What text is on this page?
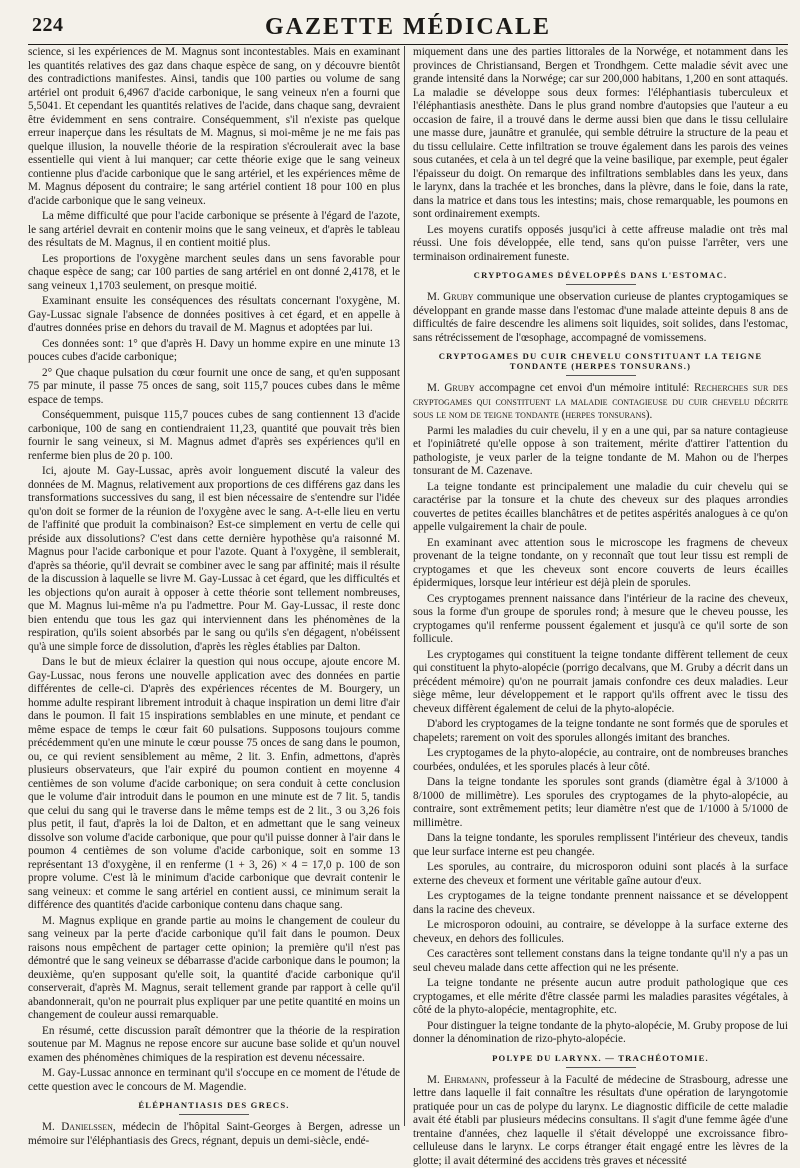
224	GAZETTE MÉDICALE

science, si les expériences de M. Magnus sont incontestables. Mais en examinant les quantités relatives des gaz dans chaque espèce de sang, on y découvre bientôt des contradictions manifestes. Ainsi, tandis que 100 parties ou volume de sang artériel ont produit 6,4967 d'acide carbonique, le sang veineux n'en a fourni que 5,5041. Et cependant les quantités relatives de l'acide, dans chaque sang, devraient être évidemment en sens contraire. Conséquemment, s'il n'existe pas quelque erreur inaperçue dans les résultats de M. Magnus, si moi-même je ne me fais pas quelque illusion, la nouvelle théorie de la respiration s'écroulerait avec la base essentielle qui vient à lui manquer; car cette théorie exige que le sang veineux contienne plus d'acide carbonique que le sang artériel, et les expériences même de M. Magnus déposent du contraire; le sang artériel contient 18 pour 100 en plus d'acide carbonique que le sang veineux.

La même difficulté que pour l'acide carbonique se présente à l'égard de l'azote, le sang artériel devrait en contenir moins que le sang veineux, et d'après le tableau des résultats de M. Magnus, il en contient moitié plus.

Les proportions de l'oxygène marchent seules dans un sens favorable pour chaque espèce de sang; car 100 parties de sang artériel en ont donné 2,4178, et le sang veineux 1,1703 seulement, on presque moitié.

Examinant ensuite les conséquences des résultats concernant l'oxygène, M. Gay-Lussac signale l'absence de données positives à cet égard, et en appelle à d'autres données prise en dehors du travail de M. Magnus et adoptées par lui.

Ces données sont: 1° que d'après H. Davy un homme expire en une minute 13 pouces cubes d'acide carbonique;

2° Que chaque pulsation du cœur fournit une once de sang, et qu'en supposant 75 par minute, il passe 75 onces de sang, soit 115,7 pouces cubes dans le même espace de temps.

Conséquemment, puisque 115,7 pouces cubes de sang contiennent 13 d'acide carbonique, 100 de sang en contiendraient 11,23, quantité que pouvait très bien fournir le sang veineux, si M. Magnus admet d'après ses expériences qu'il en renferme bien plus de 20 p. 100.

Ici, ajoute M. Gay-Lussac, après avoir longuement discuté la valeur des données de M. Magnus, relativement aux proportions de ces différens gaz dans les transformations successives du sang, il est bien nécessaire de s'entendre sur l'idée qu'on doit se former de la réunion de l'oxygène avec le sang. A-t-elle lieu en vertu de l'affinité que produit la combinaison? Est-ce simplement en vertu de celle qui préside aux dissolutions? C'est dans cette dernière hypothèse qu'a raisonné M. Magnus pour l'acide carbonique et pour l'azote. Quant à l'oxygène, il semblerait, d'après sa théorie, qu'il devrait se combiner avec le sang par affinité; mais il résulte de la discussion à laquelle se livre M. Gay-Lussac à cet égard, que les difficultés et les objections qu'on aurait à opposer à cette théorie sont tellement nombreuses, que M. Magnus lui-même n'a pu l'admettre. Pour M. Gay-Lussac, il reste donc bien entendu que tous les gaz qui interviennent dans les phénomènes de la respiration, qu'ils soient absorbés par le sang ou qu'ils s'en dégagent, n'obéissent qu'à une simple force de dissolution, d'après les règles établies par Dalton.

Dans le but de mieux éclairer la question qui nous occupe, ajoute encore M. Gay-Lussac, nous ferons une nouvelle application avec des données en partie différentes de celle-ci. D'après des expériences récentes de M. Bourgery, un homme adulte respirant librement introduit à chaque inspiration un demi litre d'air dans le poumon. Il fait 15 inspirations semblables en une minute, et pendant ce même espace de temps le cœur fait 60 pulsations. Supposons toujours comme précédemment qu'en une minute le cœur pousse 75 onces de sang dans le poumon, ou, ce qui revient sensiblement au même, 2 lit. 3. Enfin, admettons, d'après plusieurs observateurs, que l'air expiré du poumon contient en moyenne 4 centièmes de son volume d'acide carbonique; on sera conduit à cette conclusion que le volume d'air introduit dans le poumon en une minute est de 7 lit. 5, tandis que celui du sang qui le traverse dans le même temps est de 2 lit., 3 ou 3,26 fois plus petit, il faut, d'après la loi de Dalton, et en admettant que le sang veineux dissolve son volume d'acide carbonique, que pour qu'il puisse donner à l'air dans le poumon 4 centièmes de son volume d'acide carbonique, soit en somme 13 représentant 13 d'oxygène, il en renferme (1 + 3, 26) × 4 = 17,0 p. 100 de son propre volume. C'est là le minimum d'acide carbonique que devrait contenir le sang veineux: et comme le sang artériel en contient aussi, ce minimum serait la différence des quantités d'acide carbonique contenu dans chaque sang.

M. Magnus explique en grande partie au moins le changement de couleur du sang veineux par la perte d'acide carbonique qu'il fait dans le poumon. Deux raisons nous empêchent de partager cette opinion; la première qu'il n'est pas démontré que le sang veineux se débarrasse d'acide carbonique dans le poumon; la deuxième, qu'en supposant qu'elle soit, la quantité d'acide carbonique qu'il conserverait, d'après M. Magnus, serait tellement grande par rapport à celle qu'il abandonnerait, qu'on ne pourrait plus expliquer par une petite quantité en moins un changement de couleur aussi remarquable.

En résumé, cette discussion paraît démontrer que la théorie de la respiration soutenue par M. Magnus ne repose encore sur aucune base solide et qu'un nouvel examen des phénomènes chimiques de la respiration est devenu nécessaire.

M. Gay-Lussac annonce en terminant qu'il s'occupe en ce moment de l'étude de cette question avec le concours de M. Magendie.

ÉLÉPHANTIASIS DES GRECS.

M. Danielssen, médecin de l'hôpital Saint-Georges à Bergen, adresse un mémoire sur l'éléphantiasis des Grecs, régnant, depuis un demi-siècle, endé-

miquement dans une des parties littorales de la Norwége, et notamment dans les provinces de Christiansand, Bergen et Trondhgem. Cette maladie sévit avec une grande intensité dans la Norwége; car sur 200,000 habitans, 1,200 en sont attaqués. La maladie se développe sous deux formes: l'éléphantiasis tuberculeux et l'éléphantiasis anesthète. Dans le plus grand nombre d'autopsies que l'auteur a eu occasion de faire, il a trouvé dans le derme aussi bien que dans le tissu cellulaire une masse dure, jaunâtre et granulée, qui semble détruire la structure de la peau et du tissu cellulaire. Cette infiltration se trouve également dans les parois des veines sous cutanées, et cela à un tel degré que la veine basilique, par exemple, peut égaler l'épaisseur du doigt. On remarque des infiltrations semblables dans les yeux, dans le larynx, dans la trachée et les bronches, dans la plèvre, dans le foie, dans la rate, dans la matrice et dans tous les intestins; mais, chose remarquable, les poumons en sont ordinairement exempts.

Les moyens curatifs opposés jusqu'ici à cette affreuse maladie ont très mal réussi. Une fois développée, elle tend, sans qu'on puisse l'arrêter, vers une terminaison ordinairement funeste.

CRYPTOGAMES DÉVELOPPÉS DANS L'ESTOMAC.

M. Gruby communique une observation curieuse de plantes cryptogamiques se développant en grande masse dans l'estomac d'une malade atteinte depuis 8 ans de difficultés de faire descendre les alimens soit liquides, soit solides, dans l'estomac, sans rétrécissement de l'œsophage, accompagné de vomissemens.

CRYPTOGAMES DU CUIR CHEVELU CONSTITUANT LA TEIGNE TONDANTE (HERPES TONSURANS.)

M. Gruby accompagne cet envoi d'un mémoire intitulé: Recherches sur des cryptogames qui constituent la maladie contagieuse du cuir chevelu décrite sous le nom de teigne tondante (herpes tonsurans).

Parmi les maladies du cuir chevelu, il y en a une qui, par sa nature contagieuse et l'opiniâtreté qu'elle oppose à son traitement, mérite d'attirer l'attention du pathologiste, je veux parler de la teigne tondante de M. Mahon ou de l'herpes tonsurant de M. Cazenave.

La teigne tondante est principalement une maladie du cuir chevelu qui se caractérise par la tonsure et la chute des cheveux sur des plaques arrondies couvertes de petites écailles blanchâtres et de petites aspérités analogues à ce qu'on appelle vulgairement la chair de poule.

En examinant avec attention sous le microscope les fragmens de cheveux provenant de la teigne tondante, on y reconnaît que tout leur tissu est rempli de cryptogames et que les cheveux sont encore couverts de leurs écailles épidermiques, lorsque leur intérieur est déjà plein de sporules.

Ces cryptogames prennent naissance dans l'intérieur de la racine des cheveux, sous la forme d'un groupe de sporules rond; à mesure que le cheveu pousse, les cryptogames qu'il renferme poussent également et jusqu'à ce qu'il sorte de son follicule.

Les cryptogames qui constituent la teigne tondante diffèrent tellement de ceux qui constituent la phyto-alopécie (porrigo decalvans, que M. Gruby a décrit dans un précédent mémoire) qu'on ne pourrait jamais confondre ces deux maladies. Leur siège même, leur développement et le rapport qu'ils offrent avec le tissu des cheveux diffèrent également de celui de la phyto-alopécie.

D'abord les cryptogames de la teigne tondante ne sont formés que de sporules et chapelets; rarement on voit des sporules allongés imitant des branches.

Les cryptogames de la phyto-alopécie, au contraire, ont de nombreuses branches courbées, ondulées, et les sporules placés à leur côté.

Dans la teigne tondante les sporules sont grands (diamètre égal à 3/1000 à 8/1000 de millimètre). Les sporules des cryptogames de la phyto-alopécie, au contraire, sont extrêmement petits; leur diamètre n'est que de 1/1000 à 5/1000 de millimètre.

Dans la teigne tondante, les sporules remplissent l'intérieur des cheveux, tandis que leur surface interne est peu changée.

Les sporules, au contraire, du microsporon oduini sont placés à la surface externe des cheveux et forment une véritable gaîne autour d'eux.

Les cryptogames de la teigne tondante prennent naissance et se développent dans la racine des cheveux.

Le microsporon odouini, au contraire, se développe à la surface externe des cheveux, en dehors des follicules.

Ces caractères sont tellement constans dans la teigne tondante qu'il n'y a pas un seul cheveu malade dans cette affection qui ne les présente.

La teigne tondante ne présente aucun autre produit pathologique que ces cryptogames, et elle mérite d'être classée parmi les maladies parasites végétales, à côté de la phyto-alopécie, mentagrophite, etc.

Pour distinguer la teigne tondante de la phyto-alopécie, M. Gruby propose de lui donner la dénomination de rizo-phyto-alopécie.

POLYPE DU LARYNX. — TRACHÉOTOMIE.

M. Ehrmann, professeur à la Faculté de médecine de Strasbourg, adresse une lettre dans laquelle il fait connaître les résultats d'une opération de laryngotomie pratiquée pour un cas de polype du larynx. Le diagnostic difficile de cette maladie avait été établi par plusieurs médecins consultans. Il s'agit d'une femme âgée d'une trentaine d'années, chez laquelle il s'était développé une excroissance fibro-celluleuse dans le larynx. Le corps étranger était engagé entre les lèvres de la glotte; il avait déterminé des accidens très graves et nécessité
